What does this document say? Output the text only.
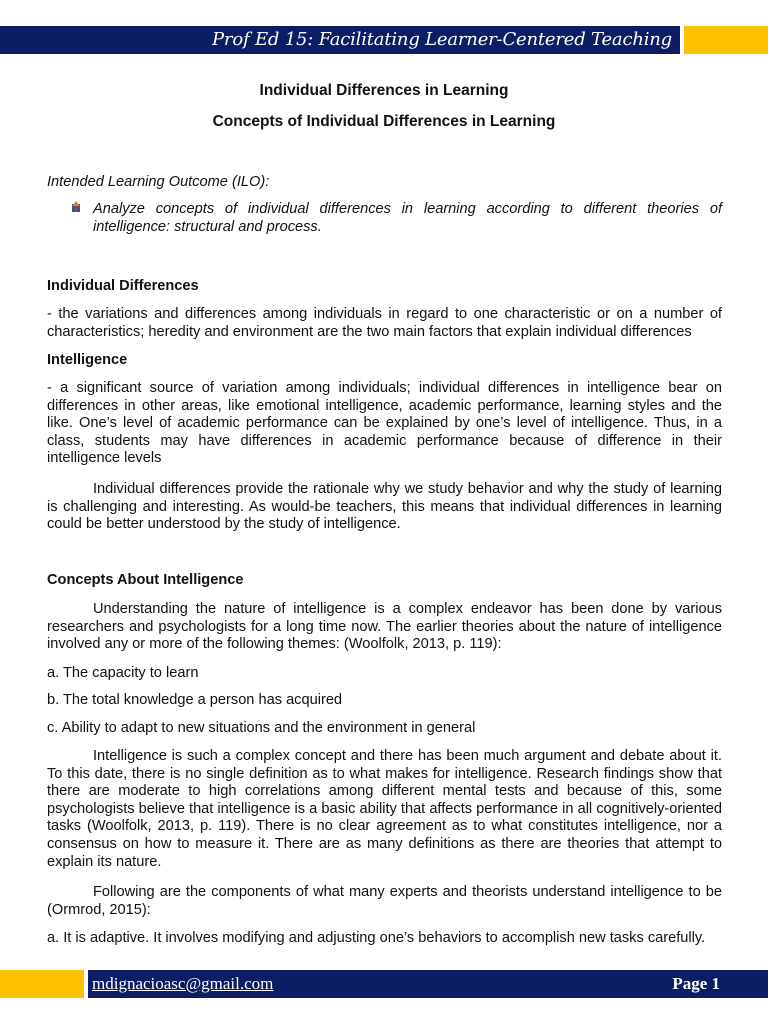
Prof Ed 15: Facilitating Learner-Centered Teaching
Individual Differences in Learning
Concepts of Individual Differences in Learning
Intended Learning Outcome (ILO):
Analyze concepts of individual differences in learning according to different theories of intelligence: structural and process.
Individual Differences
- the variations and differences among individuals in regard to one characteristic or on a number of characteristics; heredity and environment are the two main factors that explain individual differences
Intelligence
- a significant source of variation among individuals; individual differences in intelligence bear on differences in other areas, like emotional intelligence, academic performance, learning styles and the like. One’s level of academic performance can be explained by one’s level of intelligence. Thus, in a class, students may have differences in academic performance because of difference in their intelligence levels
Individual differences provide the rationale why we study behavior and why the study of learning is challenging and interesting. As would-be teachers, this means that individual differences in learning could be better understood by the study of intelligence.
Concepts About Intelligence
Understanding the nature of intelligence is a complex endeavor has been done by various researchers and psychologists for a long time now. The earlier theories about the nature of intelligence involved any or more of the following themes: (Woolfolk, 2013, p. 119):
a. The capacity to learn
b. The total knowledge a person has acquired
c. Ability to adapt to new situations and the environment in general
Intelligence is such a complex concept and there has been much argument and debate about it. To this date, there is no single definition as to what makes for intelligence. Research findings show that there are moderate to high correlations among different mental tests and because of this, some psychologists believe that intelligence is a basic ability that affects performance in all cognitively-oriented tasks (Woolfolk, 2013, p. 119). There is no clear agreement as to what constitutes intelligence, nor a consensus on how to measure it. There are as many definitions as there are theories that attempt to explain its nature.
Following are the components of what many experts and theorists understand intelligence to be (Ormrod, 2015):
a. It is adaptive. It involves modifying and adjusting one’s behaviors to accomplish new tasks carefully.
mdignacioasc@gmail.com	Page 1
